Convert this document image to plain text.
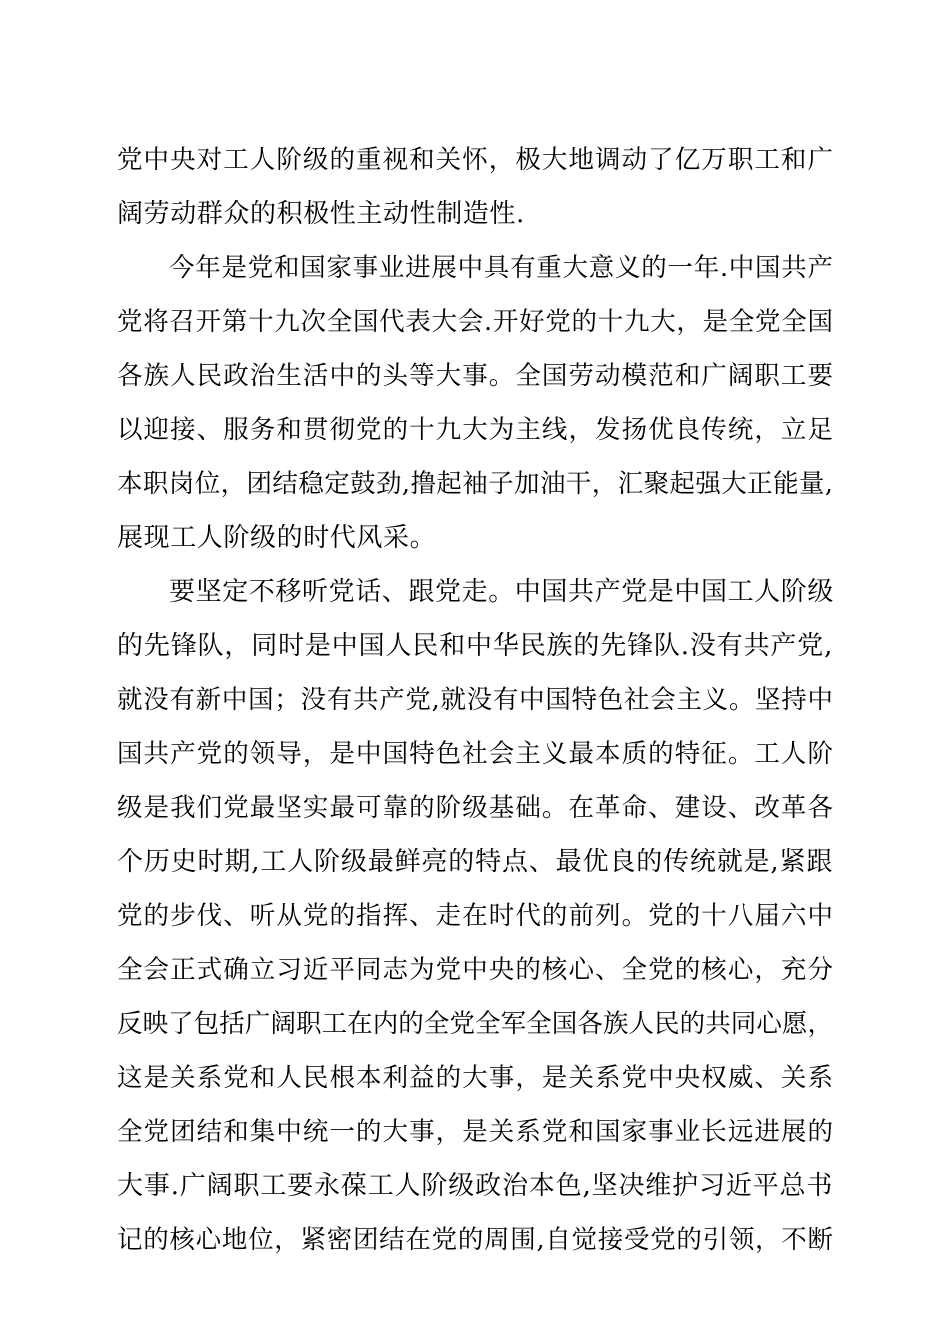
党中央对工人阶级的重视和关怀，极大地调动了亿万职工和广
阔劳动群众的积极性主动性制造性.
今年是党和国家事业进展中具有重大意义的一年.中国共产
党将召开第十九次全国代表大会.开好党的十九大，是全党全国
各族人民政治生活中的头等大事。全国劳动模范和广阔职工要
以迎接、服务和贯彻党的十九大为主线，发扬优良传统，立足
本职岗位，团结稳定鼓劲,撸起袖子加油干，汇聚起强大正能量,
展现工人阶级的时代风采。
要坚定不移听党话、跟党走。中国共产党是中国工人阶级
的先锋队，同时是中国人民和中华民族的先锋队.没有共产党,
就没有新中国；没有共产党,就没有中国特色社会主义。坚持中
国共产党的领导，是中国特色社会主义最本质的特征。工人阶
级是我们党最坚实最可靠的阶级基础。在革命、建设、改革各
个历史时期,工人阶级最鲜亮的特点、最优良的传统就是,紧跟
党的步伐、听从党的指挥、走在时代的前列。党的十八届六中
全会正式确立习近平同志为党中央的核心、全党的核心，充分
反映了包括广阔职工在内的全党全军全国各族人民的共同心愿，
这是关系党和人民根本利益的大事，是关系党中央权威、关系
全党团结和集中统一的大事，是关系党和国家事业长远进展的
大事.广阔职工要永葆工人阶级政治本色,坚决维护习近平总书
记的核心地位，紧密团结在党的周围,自觉接受党的引领，不断
